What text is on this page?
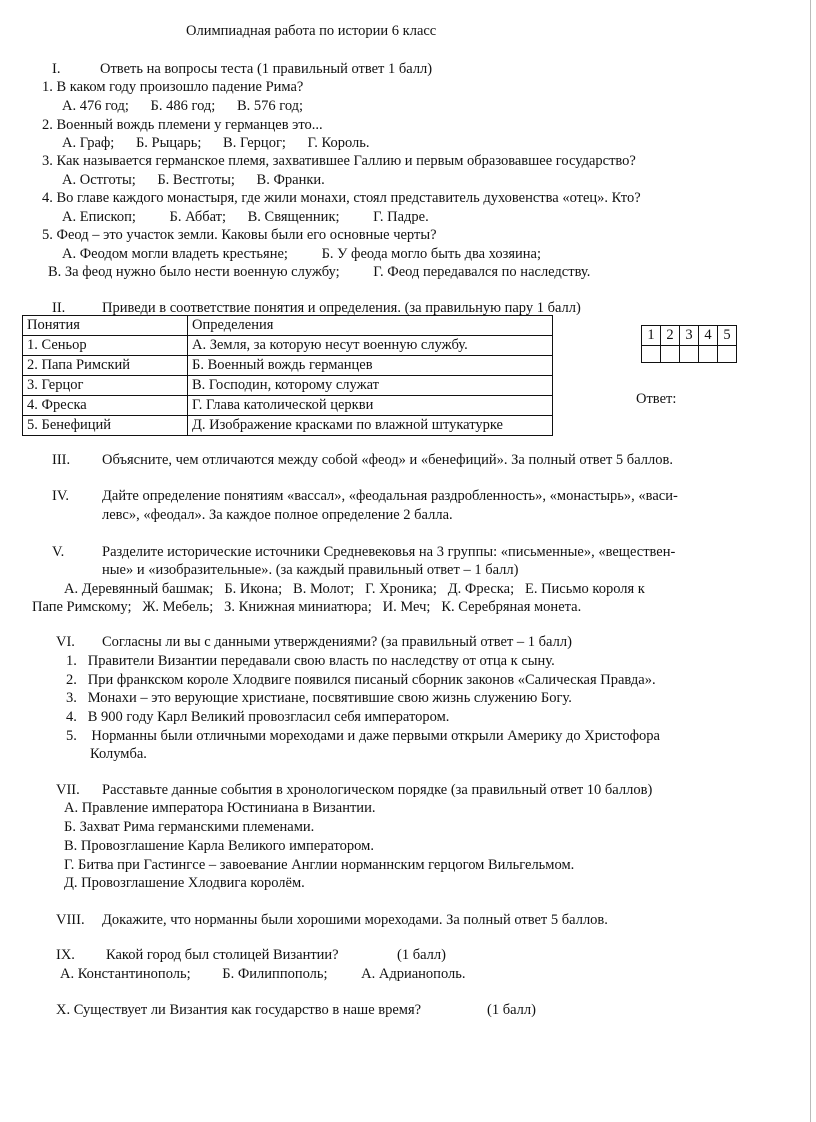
Олимпиадная работа по истории 6 класс
I.	Ответь на вопросы теста (1 правильный ответ 1 балл)
1. В каком году произошло падение Рима?
А. 476 год; Б. 486 год; В. 576 год;
2. Военный вождь племени у германцев это...
А. Граф; Б. Рыцарь; В. Герцог; Г. Король.
3. Как называется германское племя, захватившее Галлию и первым образовавшее государство?
А. Остготы; Б. Вестготы; В. Франки.
4. Во главе каждого монастыря, где жили монахи, стоял представитель духовенства «отец». Кто?
А. Епископ; Б. Аббат; В. Священник; Г. Падре.
5. Феод – это участок земли. Каковы были его основные черты?
А. Феодом могли владеть крестьяне; Б. У феода могло быть два хозяина;
В. За феод нужно было нести военную службу; Г. Феод передавался по наследству.
II.	Приведи в соответствие понятия и определения. (за правильную пару 1 балл)
Понятия	Определения
1. Сеньор	А. Земля, за которую несут военную службу.
2. Папа Римский	Б. Военный вождь германцев
3. Герцог	В. Господин, которому служат
4. Фреска	Г. Глава католической церкви
5. Бенефиций	Д. Изображение красками по влажной штукатурке
1	2	3	4	5

Ответ:
III. Объясните, чем отличаются между собой «феод» и «бенефиций». За полный ответ 5 баллов.
IV. Дайте определение понятиям «вассал», «феодальная раздробленность», «монастырь», «васи-
левс», «феодал». За каждое полное определение 2 балла.
V.	Разделите исторические источники Средневековья на 3 группы: «письменные», «веществен-
ные» и «изобразительные». (за каждый правильный ответ – 1 балл)
А. Деревянный башмак;   Б. Икона;   В. Молот;   Г. Хроника;   Д. Фреска;   Е. Письмо короля к
Папе Римскому;   Ж. Мебель;   З. Книжная миниатюра;   И. Меч;   К. Серебряная монета.
VI. Согласны ли вы с данными утверждениями? (за правильный ответ – 1 балл)
1.   Правители Византии передавали свою власть по наследству от отца к сыну.
2.   При франкском короле Хлодвиге появился писаный сборник законов «Салическая Правда».
3.   Монахи – это верующие христиане, посвятившие свою жизнь служению Богу.
4.   В 900 году Карл Великий провозгласил себя императором.
5.    Норманны были отличными мореходами и даже первыми открыли Америку до Христофора
Колумба.
VII. Расставьте данные события в хронологическом порядке (за правильный ответ 10 баллов)
А. Правление императора Юстиниана в Византии.
Б. Захват Рима германскими племенами.
В. Провозглашение Карла Великого императором.
Г. Битва при Гастингсе – завоевание Англии норманнским герцогом Вильгельмом.
Д. Провозглашение Хлодвига королём.
VIII. Докажите, что норманны были хорошими мореходами. За полный ответ 5 баллов.
IX. Какой город был столицей Византии?	(1 балл)
А. Константинополь; Б. Филиппополь; А. Адрианополь.
X. Существует ли Византия как государство в наше время?	(1 балл)
